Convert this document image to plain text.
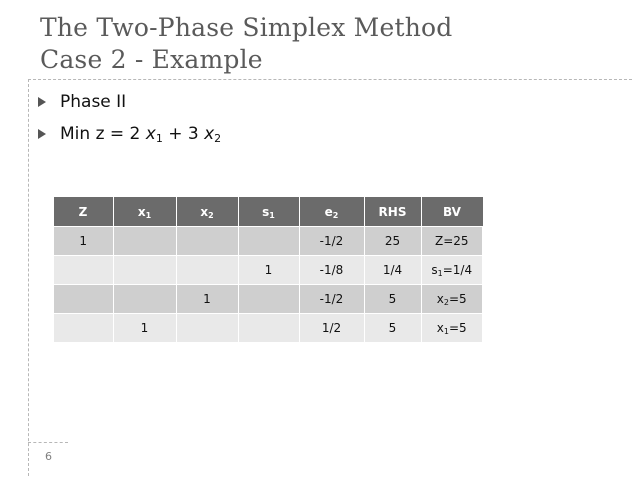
The Two-Phase Simplex Method
Case 2 - Example
Phase II
Min z = 2 $x_1 + 3$ $x_2$
Z	$x_1$	$x_2$	$s_1$	$e_2$	RHS	BV
1				-1/2	25	Z=25
			1	-1/8	1/4	$s_1=1/4$
		1		-1/2	5	$x_2=5$
	1			1/2	5	$x_1=5$
6
